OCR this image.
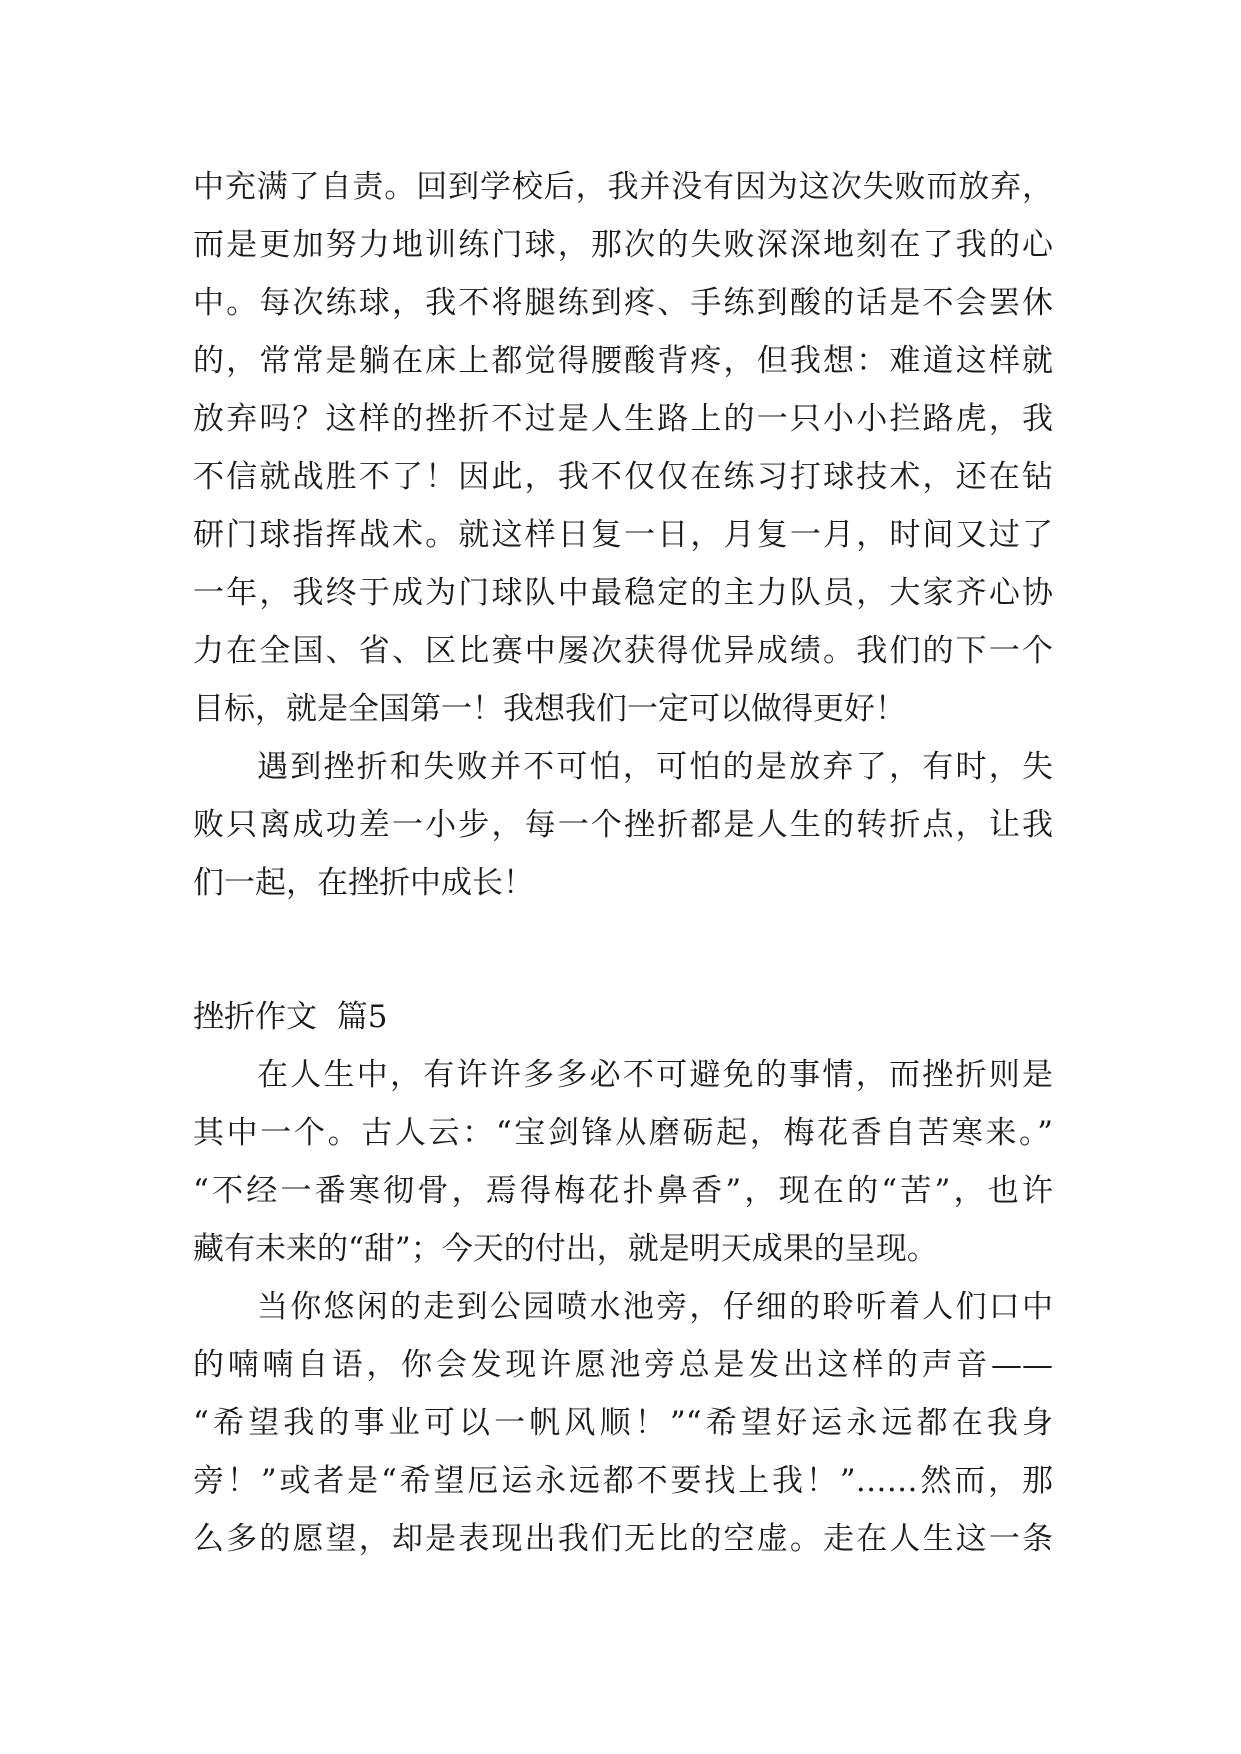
中充满了自责。回到学校后，我并没有因为这次失败而放弃，
而是更加努力地训练门球，那次的失败深深地刻在了我的心
中。每次练球，我不将腿练到疼、手练到酸的话是不会罢休
的，常常是躺在床上都觉得腰酸背疼，但我想：难道这样就
放弃吗？这样的挫折不过是人生路上的一只小小拦路虎，我
不信就战胜不了！因此，我不仅仅在练习打球技术，还在钻
研门球指挥战术。就这样日复一日，月复一月，时间又过了
一年，我终于成为门球队中最稳定的主力队员，大家齐心协
力在全国、省、区比赛中屡次获得优异成绩。我们的下一个
目标，就是全国第一！我想我们一定可以做得更好！
遇到挫折和失败并不可怕，可怕的是放弃了，有时，失
败只离成功差一小步，每一个挫折都是人生的转折点，让我
们一起，在挫折中成长！
挫折作文  篇5
在人生中，有许许多多必不可避免的事情，而挫折则是
其中一个。古人云：“宝剑锋从磨砺起，梅花香自苦寒来。”
“不经一番寒彻骨，焉得梅花扑鼻香”，现在的“苦”，也许
藏有未来的“甜”；今天的付出，就是明天成果的呈现。
当你悠闲的走到公园喷水池旁，仔细的聆听着人们口中
的喃喃自语，你会发现许愿池旁总是发出这样的声音——
“希望我的事业可以一帆风顺！”“希望好运永远都在我身
旁！”或者是“希望厄运永远都不要找上我！”……然而，那
么多的愿望，却是表现出我们无比的空虚。走在人生这一条
